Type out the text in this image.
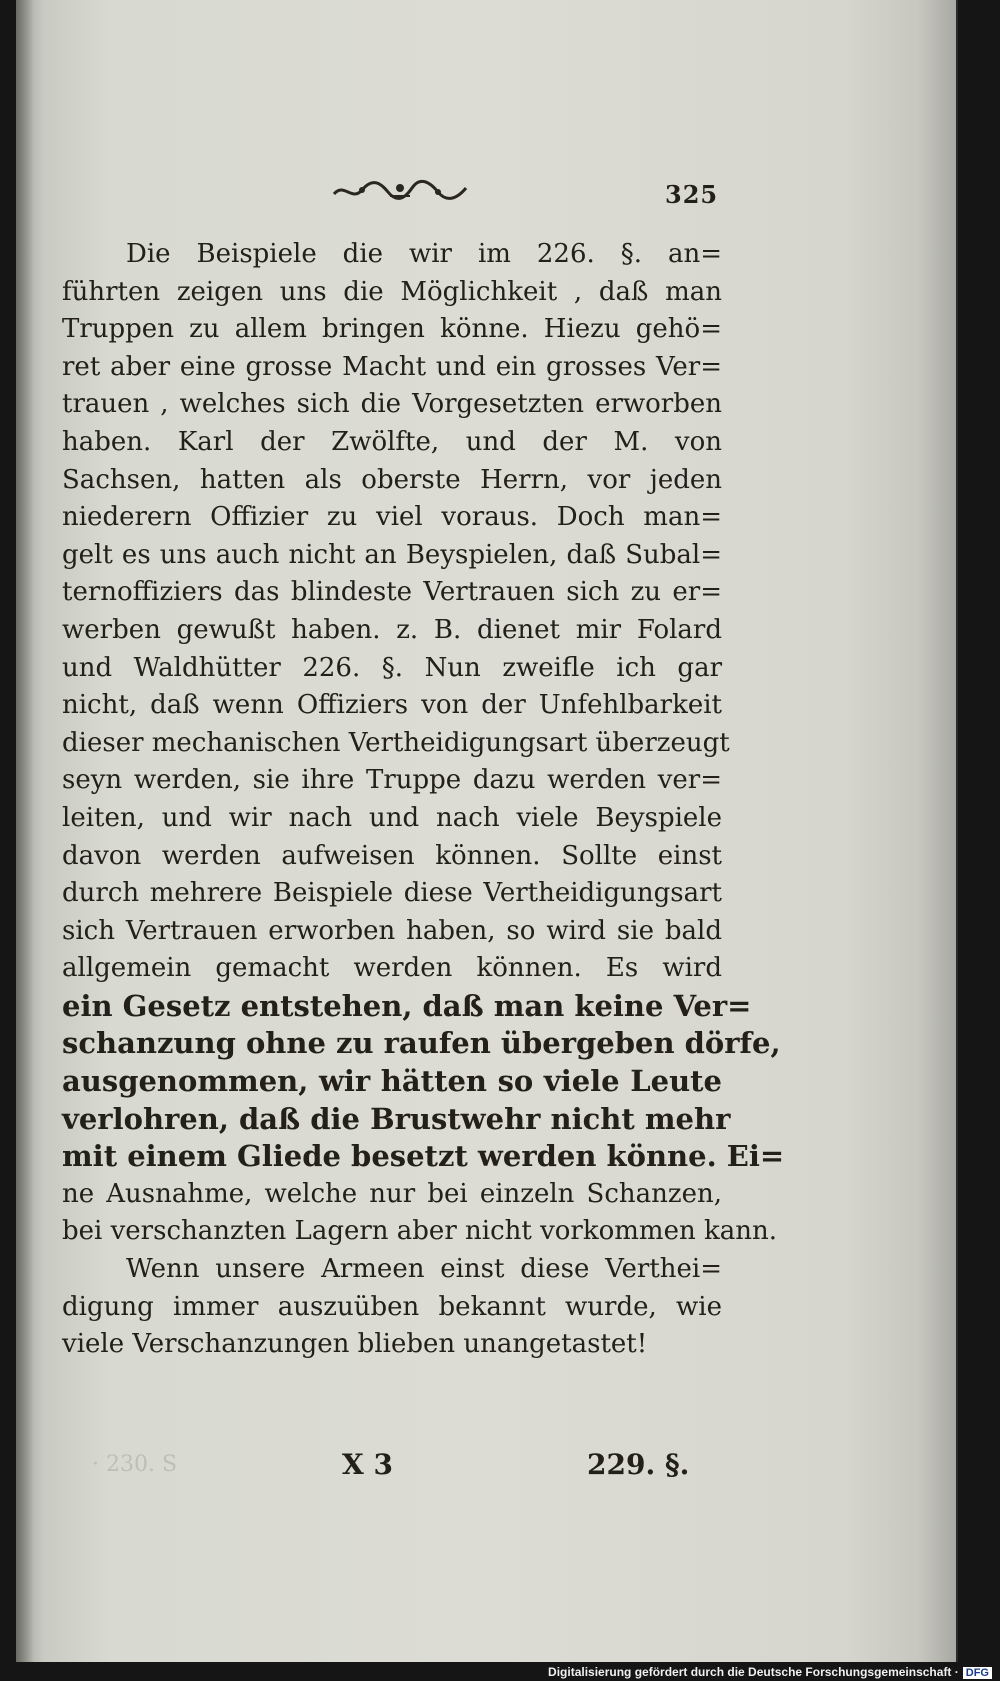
325
Die Beispiele die wir im 226. §. an=
führten zeigen uns die Möglichkeit , daß man
Truppen zu allem bringen könne. Hiezu gehö=
ret aber eine grosse Macht und ein grosses Ver=
trauen , welches sich die Vorgesetzten erworben
haben. Karl der Zwölfte, und der M. von
Sachsen, hatten als oberste Herrn, vor jeden
niederern Offizier zu viel voraus. Doch man=
gelt es uns auch nicht an Beyspielen, daß Subal=
ternoffiziers das blindeste Vertrauen sich zu er=
werben gewußt haben. z. B. dienet mir Folard
und Waldhütter 226. §. Nun zweifle ich gar
nicht, daß wenn Offiziers von der Unfehlbarkeit
dieser mechanischen Vertheidigungsart überzeugt
seyn werden, sie ihre Truppe dazu werden ver=
leiten, und wir nach und nach viele Beyspiele
davon werden aufweisen können. Sollte einst
durch mehrere Beispiele diese Vertheidigungsart
sich Vertrauen erworben haben, so wird sie bald
allgemein gemacht werden können. Es wird
ein Gesetz entstehen, daß man keine Ver=
schanzung ohne zu raufen übergeben dörfe,
ausgenommen, wir hätten so viele Leute
verlohren, daß die Brustwehr nicht mehr
mit einem Gliede besetzt werden könne. Ei=
ne Ausnahme, welche nur bei einzeln Schanzen,
bei verschanzten Lagern aber nicht vorkommen kann.
Wenn unsere Armeen einst diese Verthei=
digung immer auszuüben bekannt wurde, wie
viele Verschanzungen blieben unangetastet!
· 230. S	X 3	229. §.
Digitalisierung gefördert durch die Deutsche Forschungsgemeinschaft · DFG
